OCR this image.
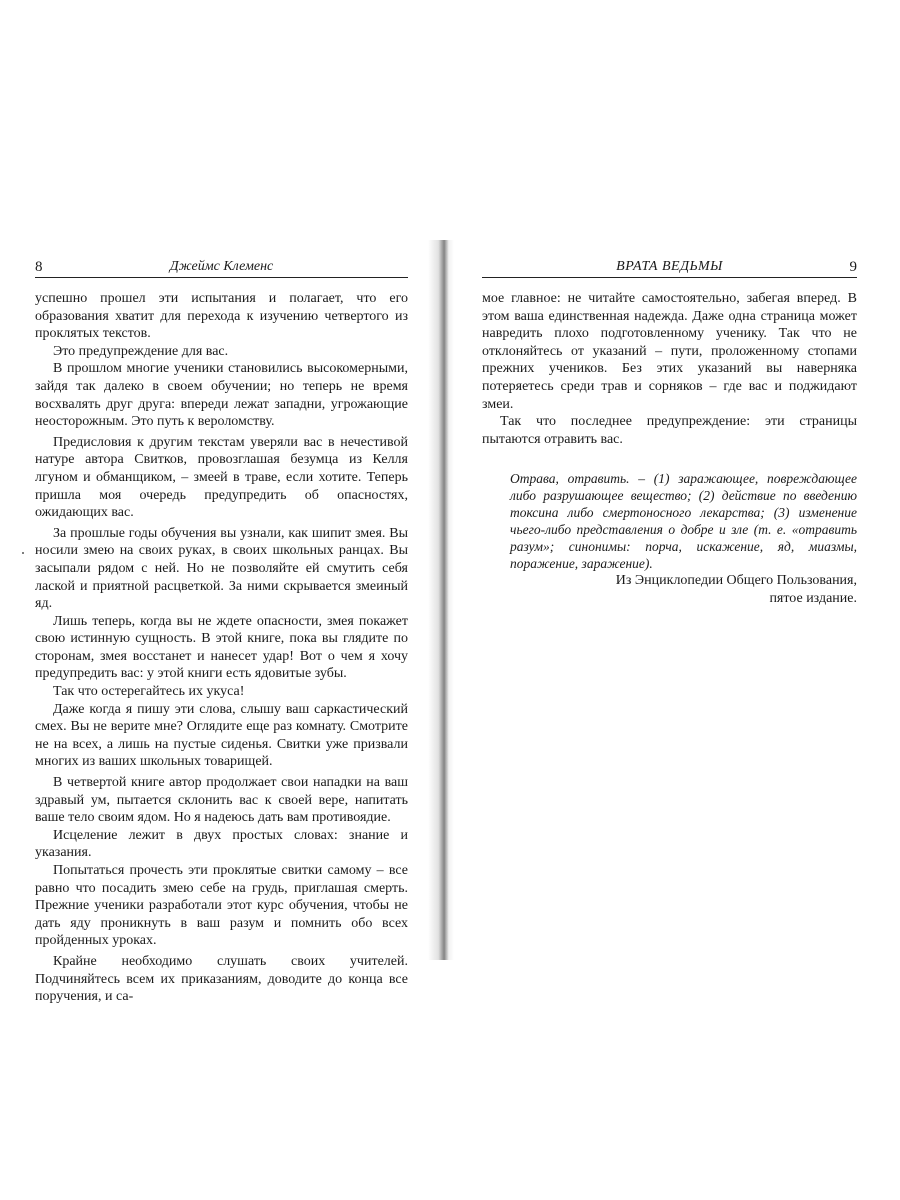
8	Джеймс Клеменс

успешно прошел эти испытания и полагает, что его образования хватит для перехода к изучению четвертого из проклятых текстов.

Это предупреждение для вас.

В прошлом многие ученики становились высокомерными, зайдя так далеко в своем обучении; но теперь не время восхвалять друг друга: впереди лежат западни, угрожающие неосторожным. Это путь к вероломству.

Предисловия к другим текстам уверяли вас в нечестивой натуре автора Свитков, провозглашая безумца из Келля лгуном и обманщиком, – змеей в траве, если хотите. Теперь пришла моя очередь предупредить об опасностях, ожидающих вас.

За прошлые годы обучения вы узнали, как шипит змея. Вы носили змею на своих руках, в своих школьных ранцах. Вы засыпали рядом с ней. Но не позволяйте ей смутить себя лаской и приятной расцветкой. За ними скрывается змеиный яд.

Лишь теперь, когда вы не ждете опасности, змея покажет свою истинную сущность. В этой книге, пока вы глядите по сторонам, змея восстанет и нанесет удар! Вот о чем я хочу предупредить вас: у этой книги есть ядовитые зубы.

Так что остерегайтесь их укуса!

Даже когда я пишу эти слова, слышу ваш саркастический смех. Вы не верите мне? Оглядите еще раз комнату. Смотрите не на всех, а лишь на пустые сиденья. Свитки уже призвали многих из ваших школьных товарищей.

В четвертой книге автор продолжает свои нападки на ваш здравый ум, пытается склонить вас к своей вере, напитать ваше тело своим ядом. Но я надеюсь дать вам противоядие.

Исцеление лежит в двух простых словах: знание и указания.

Попытаться прочесть эти проклятые свитки самому – все равно что посадить змею себе на грудь, приглашая смерть. Прежние ученики разработали этот курс обучения, чтобы не дать яду проникнуть в ваш разум и помнить обо всех пройденных уроках.

Крайне необходимо слушать своих учителей. Подчиняйтесь всем их приказаниям, доводите до конца все поручения, и са-

ВРАТА ВЕДЬМЫ	9

мое главное: не читайте самостоятельно, забегая вперед. В этом ваша единственная надежда. Даже одна страница может навредить плохо подготовленному ученику. Так что не отклоняйтесь от указаний – пути, проложенному стопами прежних учеников. Без этих указаний вы наверняка потеряетесь среди трав и сорняков – где вас и поджидают змеи.

Так что последнее предупреждение: эти страницы пытаются отравить вас.

Отрава, отравить. – (1) заражающее, повреждающее либо разрушающее вещество; (2) действие по введению токсина либо смертоносного лекарства; (3) изменение чьего-либо представления о добре и зле (т. е. «отравить разум»; синонимы: порча, искажение, яд, миазмы, поражение, заражение).
Из Энциклопедии Общего Пользования,
пятое издание.
